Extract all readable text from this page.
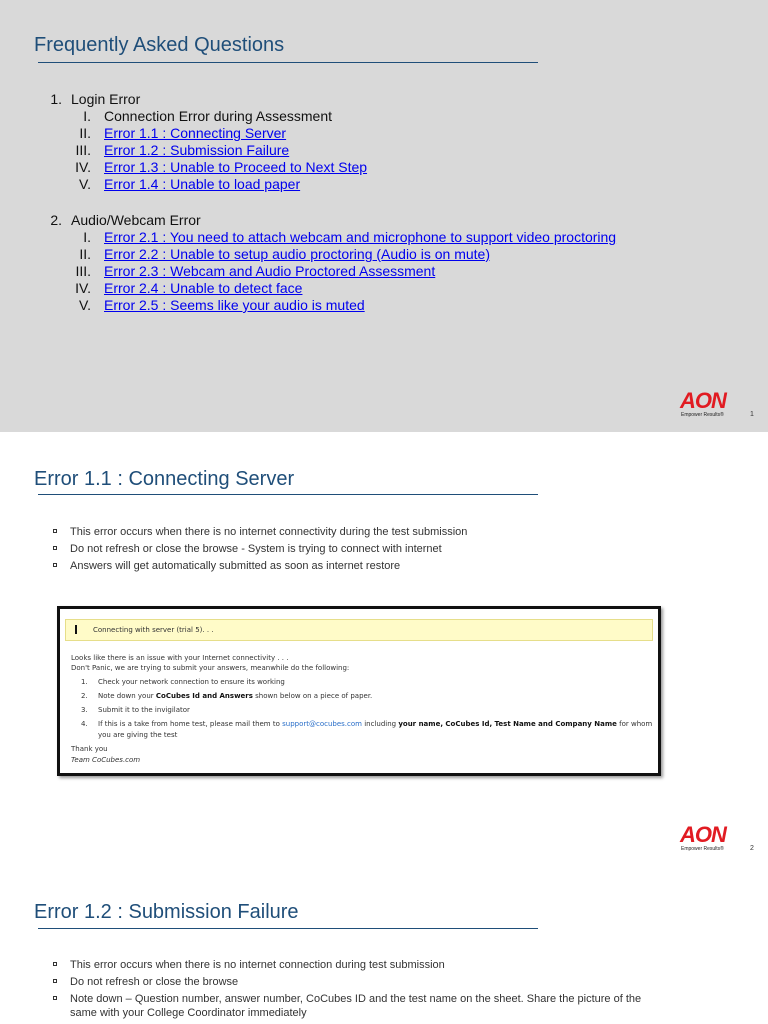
Frequently Asked Questions
1. Login Error
I. Connection Error during Assessment
II. Error 1.1 : Connecting Server
III. Error 1.2 : Submission Failure
IV. Error 1.3 : Unable to Proceed to Next Step
V. Error 1.4 : Unable to load paper
2. Audio/Webcam Error
I. Error 2.1 : You need to attach webcam and microphone to support video proctoring
II. Error 2.2 : Unable to setup audio proctoring (Audio is on mute)
III. Error 2.3 : Webcam and Audio Proctored Assessment
IV. Error 2.4 : Unable to detect face
V. Error 2.5 : Seems like your audio is muted
AON
Empower Results®	1
Error 1.1 : Connecting Server
This error occurs when there is no internet connectivity during the test submission
Do not refresh or close the browse - System is trying to connect with internet
Answers will get automatically submitted as soon as internet restore
Connecting with server (trial 5). . .
Looks like there is an issue with your Internet connectivity . . .
Don't Panic, we are trying to submit your answers, meanwhile do the following:
1.	Check your network connection to ensure its working
2.	Note down your CoCubes Id and Answers shown below on a piece of paper.
3.	Submit it to the invigilator
4.	If this is a take from home test, please mail them to support@cocubes.com including your name, CoCubes Id, Test Name and Company Name for whom
you are giving the test
Thank you
Team CoCubes.com
AON
Empower Results®	2
Error 1.2 : Submission Failure
This error occurs when there is no internet connection during test submission
Do not refresh or close the browse
Note down – Question number, answer number, CoCubes ID and the test name on the sheet. Share the picture of the same with your College Coordinator immediately
